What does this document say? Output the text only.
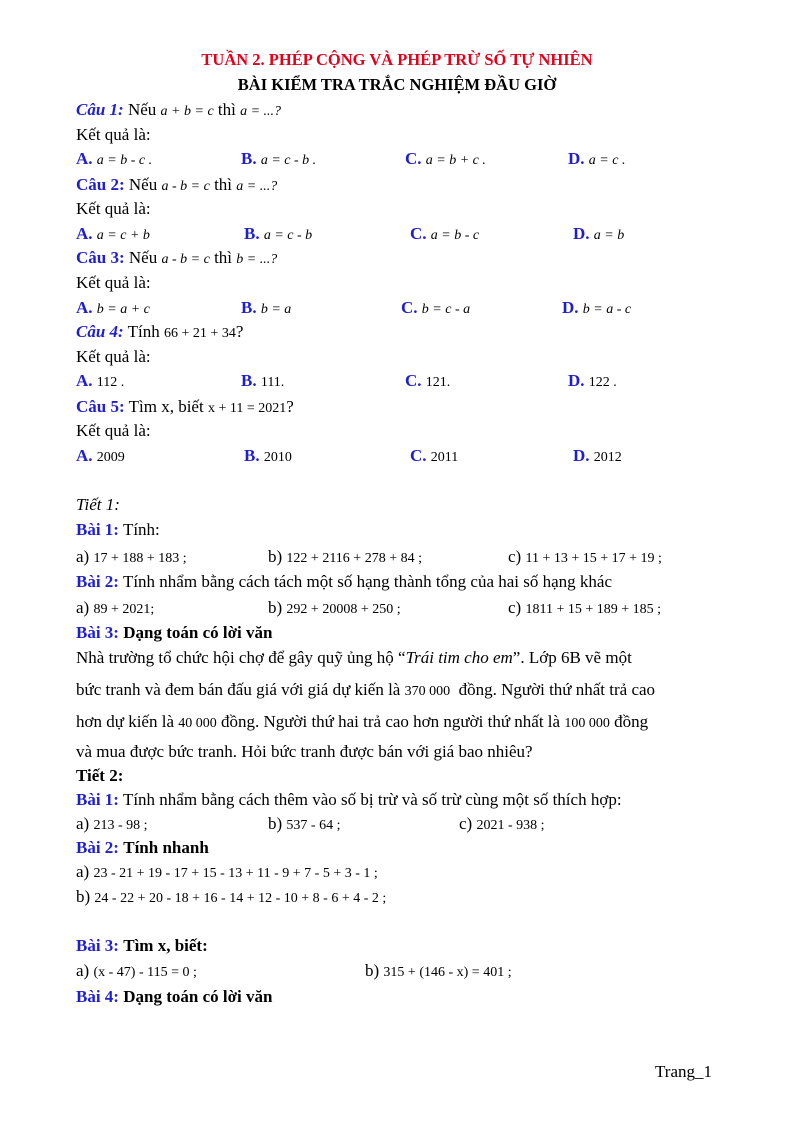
TUẦN 2. PHÉP CỘNG VÀ PHÉP TRỪ SỐ TỰ NHIÊN
BÀI KIỂM TRA TRẮC NGHIỆM ĐẦU GIỜ
Câu 1: Nếu a + b = c thì a = ...?
Kết quả là:
A. a = b - c .	B. a = c - b .	C. a = b + c .	D. a = c .
Câu 2: Nếu a - b = c thì a = ...?
Kết quả là:
A. a = c + b	B. a = c - b	C. a = b - c	D. a = b
Câu 3: Nếu a - b = c thì b = ...?
Kết quả là:
A. b = a + c	B. b = a	C. b = c - a	D. b = a - c
Câu 4: Tính 66 + 21 + 34?
Kết quả là:
A. 112 .	B. 111.	C. 121.	D. 122 .
Câu 5: Tìm x, biết x + 11 = 2021?
Kết quả là:
A. 2009	B. 2010	C. 2011	D. 2012
Tiết 1:
Bài 1: Tính:
a) 17 + 188 + 183 ;	b) 122 + 2116 + 278 + 84 ;	c) 11 + 13 + 15 + 17 + 19 ;
Bài 2: Tính nhẩm bằng cách tách một số hạng thành tổng của hai số hạng khác
a) 89 + 2021;	b) 292 + 20008 + 250 ;	c) 1811 + 15 + 189 + 185 ;
Bài 3: Dạng toán có lời văn
Nhà trường tổ chức hội chợ để gây quỹ ủng hộ “Trái tim cho em”. Lớp 6B vẽ một
bức tranh và đem bán đấu giá với giá dự kiến là 370 000 đồng. Người thứ nhất trả cao
hơn dự kiến là 40 000 đồng. Người thứ hai trả cao hơn người thứ nhất là 100 000 đồng
và mua được bức tranh. Hỏi bức tranh được bán với giá bao nhiêu?
Tiết 2:
Bài 1: Tính nhẩm bằng cách thêm vào số bị trừ và số trừ cùng một số thích hợp:
a) 213 - 98 ;	b) 537 - 64 ;	c) 2021 - 938 ;
Bài 2: Tính nhanh
a) 23 - 21 + 19 - 17 + 15 - 13 + 11 - 9 + 7 - 5 + 3 - 1 ;
b) 24 - 22 + 20 - 18 + 16 - 14 + 12 - 10 + 8 - 6 + 4 - 2 ;
Bài 3: Tìm x, biết:
a) (x - 47) - 115 = 0 ;	b) 315 + (146 - x) = 401 ;
Bài 4: Dạng toán có lời văn
Trang_1
